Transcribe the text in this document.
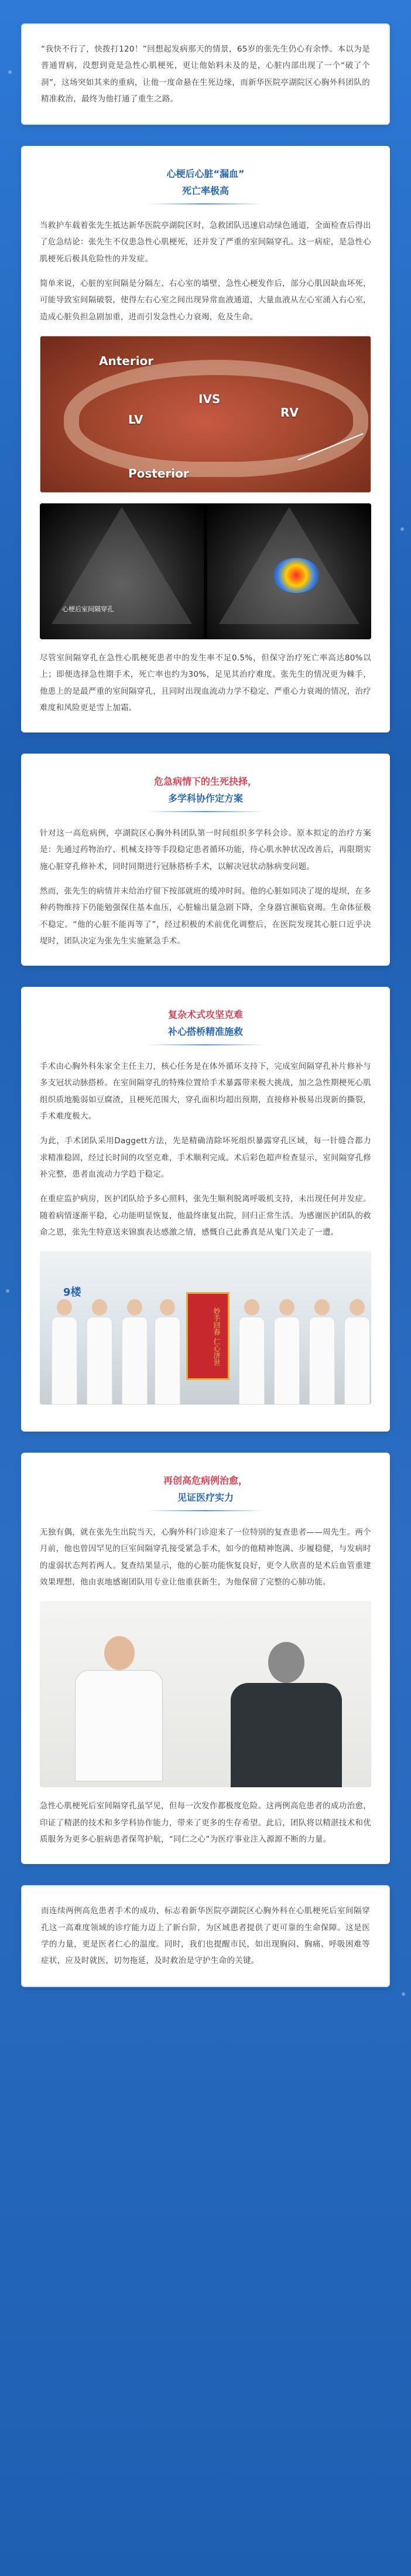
“我快不行了，快拨打120！”回想起发病那天的情景，65岁的张先生仍心有余悸。本以为是普通胃病，没想到竟是急性心肌梗死，更让他始料未及的是，心脏内部出现了一个“破了个洞”，这场突如其来的重病，让他一度命悬在生死边缘，而新华医院亭湖院区心胸外科团队的精准救治，最终为他打通了重生之路。

心梗后心脏“漏血”
死亡率极高

当救护车载着张先生抵达新华医院亭湖院区时，急救团队迅速启动绿色通道，全面检查后得出了危急结论：张先生不仅患急性心肌梗死，还并发了严重的室间隔穿孔。这一病症，是急性心肌梗死后极具危险性的并发症。

简单来说，心脏的室间隔是分隔左、右心室的墙壁，急性心梗发作后，部分心肌因缺血坏死，可能导致室间隔破裂，使得左右心室之间出现异常血液通道，大量血液从左心室涌入右心室，造成心脏负担急剧加重，进而引发急性心力衰竭，危及生命。

Anterior
IVS
LV	RV
Posterior
心梗后室间隔穿孔

尽管室间隔穿孔在急性心肌梗死患者中的发生率不足0.5%，但保守治疗死亡率高达80%以上；即便选择急性期手术，死亡率也约为30%，足见其治疗难度。张先生的情况更为棘手，他患上的是最严重的室间隔穿孔，且同时出现血流动力学不稳定、严重心力衰竭的情况，治疗难度和风险更是雪上加霜。

危急病情下的生死抉择，
多学科协作定方案

针对这一高危病例，亭湖院区心胸外科团队第一时间组织多学科会诊。原本拟定的治疗方案是：先通过药物治疗、机械支持等手段稳定患者循环功能，待心肌水肿状况改善后，再限期实施心脏穿孔修补术，同时同期进行冠脉搭桥手术，以解决冠状动脉病变问题。

然而，张先生的病情并未给治疗留下按部就班的缓冲时间。他的心脏如同决了堤的堤坝，在多种药物维持下仍能勉强保住基本血压，心脏输出量急剧下降，全身器官濒临衰竭。生命体征极不稳定。“他的心脏不能再等了”，经过积极的术前优化调整后，在医院发现其心脏口近乎决堤时，团队决定为张先生实施紧急手术。

复杂术式攻坚克难
补心搭桥精准施救

手术由心胸外科朱家全主任主刀，核心任务是在体外循环支持下，完成室间隔穿孔补片修补与多支冠状动脉搭桥。在室间隔穿孔的特殊位置给手术暴露带来极大挑战，加之急性期梗死心肌组织质地脆弱如豆腐渣，且梗死范围大，穿孔面积均超出预期，直接修补极易出现新的撕裂，手术难度极大。

为此，手术团队采用Daggett方法，先是精确清除坏死组织暴露穿孔区域，每一针缝合都力求精准稳固，经过长时间的攻坚克难，手术顺利完成。术后彩色超声检查显示，室间隔穿孔修补完整，患者血流动力学趋于稳定。

在重症监护病房，医护团队给予多心照料，张先生顺利脱离呼吸机支持，未出现任何并发症。随着病情逐渐平稳，心功能明显恢复，他最终康复出院，回归正常生活。为感谢医护团队的救命之恩，张先生特意送来锦旗表达感激之情，感慨自己此番真是从鬼门关走了一遭。

9楼
妙手回春 仁心济世
再创高危病例治愈，
见证医疗实力

无独有偶，就在张先生出院当天，心胸外科门诊迎来了一位特别的复查患者——周先生。两个月前，他也曾因罕见的巨室间隔穿孔接受紧急手术，如今的他精神饱满、步履稳健，与发病时的虚弱状态判若两人。复查结果显示，他的心脏功能恢复良好，更令人欣喜的是术后血管重建效果理想，他由衷地感谢团队用专业让他重获新生，为他保留了完整的心肺功能。

急性心肌梗死后室间隔穿孔虽罕见，但每一次发作都极度危险。这两例高危患者的成功治愈，印证了精湛的技术和多学科协作能力，带来了更多的生存希望。此后，团队将以精湛技术和优质服务为更多心脏病患者保驾护航，“同仁之心”为医疗事业注入源源不断的力量。

而连续两例高危患者手术的成功，标志着新华医院亭湖院区心胸外科在心肌梗死后室间隔穿孔这一高难度领域的诊疗能力迈上了新台阶，为区域患者提供了更可靠的生命保障。这是医学的力量，更是医者仁心的温度。同时，我们也提醒市民，如出现胸闷、胸痛、呼吸困难等症状，应及时就医，切勿拖延，及时救治是守护生命的关键。
